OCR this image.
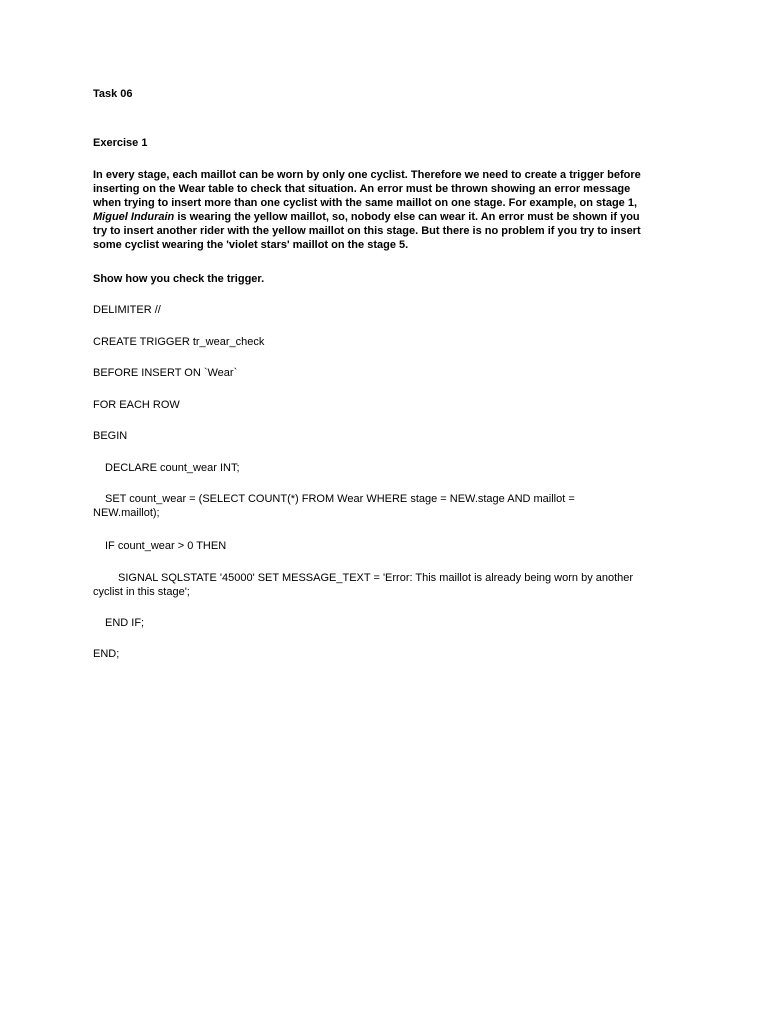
Task 06
Exercise 1
In every stage, each maillot can be worn by only one cyclist. Therefore we need to create a trigger before
inserting on the Wear table to check that situation. An error must be thrown showing an error message
when trying to insert more than one cyclist with the same maillot on one stage. For example, on stage 1,
Miguel Indurain is wearing the yellow maillot, so, nobody else can wear it. An error must be shown if you
try to insert another rider with the yellow maillot on this stage. But there is no problem if you try to insert
some cyclist wearing the 'violet stars' maillot on the stage 5.
Show how you check the trigger.
DELIMITER //
CREATE TRIGGER tr_wear_check
BEFORE INSERT ON `Wear`
FOR EACH ROW
BEGIN
DECLARE count_wear INT;
SET count_wear = (SELECT COUNT(*) FROM Wear WHERE stage = NEW.stage AND maillot =
NEW.maillot);
IF count_wear > 0 THEN
SIGNAL SQLSTATE '45000' SET MESSAGE_TEXT = 'Error: This maillot is already being worn by another
cyclist in this stage';
END IF;
END;
